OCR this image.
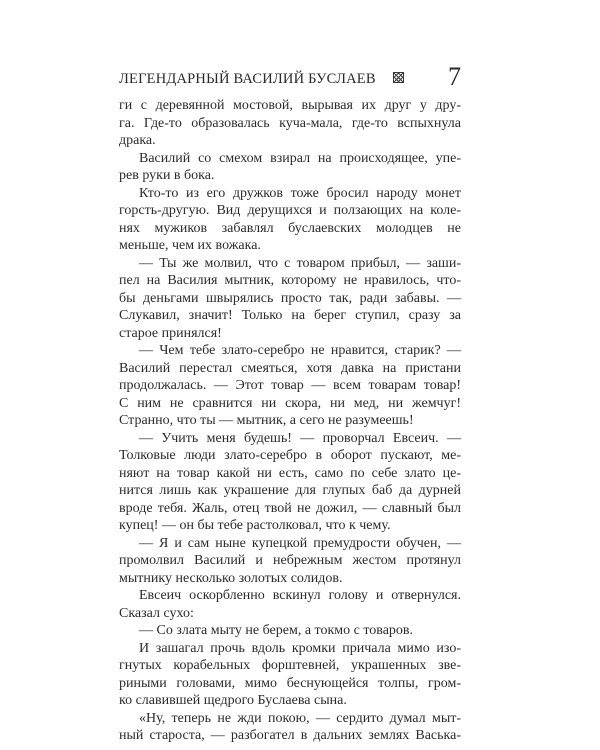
ЛЕГЕНДАРНЫЙ ВАСИЛИЙ БУСЛАЕВ	7
ги с деревянной мостовой, вырывая их друг у дру-
га. Где-то образовалась куча-мала, где-то вспыхнула
драка.
Василий со смехом взирал на происходящее, упе-
рев руки в бока.
Кто-то из его дружков тоже бросил народу монет
горсть-другую. Вид дерущихся и ползающих на коле-
нях мужиков забавлял буслаевских молодцев не
меньше, чем их вожака.
— Ты же молвил, что с товаром прибыл, — заши-
пел на Василия мытник, которому не нравилось, что-
бы деньгами швырялись просто так, ради забавы. —
Слукавил, значит! Только на берег ступил, сразу за
старое принялся!
— Чем тебе злато-серебро не нравится, старик? —
Василий перестал смеяться, хотя давка на пристани
продолжалась. — Этот товар — всем товарам товар!
С ним не сравнится ни скора, ни мед, ни жемчуг!
Странно, что ты — мытник, а сего не разумеешь!
— Учить меня будешь! — проворчал Евсеич. —
Толковые люди злато-серебро в оборот пускают, ме-
няют на товар какой ни есть, само по себе злато це-
нится лишь как украшение для глупых баб да дурней
вроде тебя. Жаль, отец твой не дожил, — славный был
купец! — он бы тебе растолковал, что к чему.
— Я и сам ныне купецкой премудрости обучен, —
промолвил Василий и небрежным жестом протянул
мытнику несколько золотых солидов.
Евсеич оскорбленно вскинул голову и отвернулся.
Сказал сухо:
— Со злата мыту не берем, а токмо с товаров.
И зашагал прочь вдоль кромки причала мимо изо-
гнутых корабельных форштевней, украшенных зве-
риными головами, мимо беснующейся толпы, гром-
ко славившей щедрого Буслаева сына.
«Ну, теперь не жди покою, — сердито думал мыт-
ный староста, — разбогател в дальних землях Васька-
